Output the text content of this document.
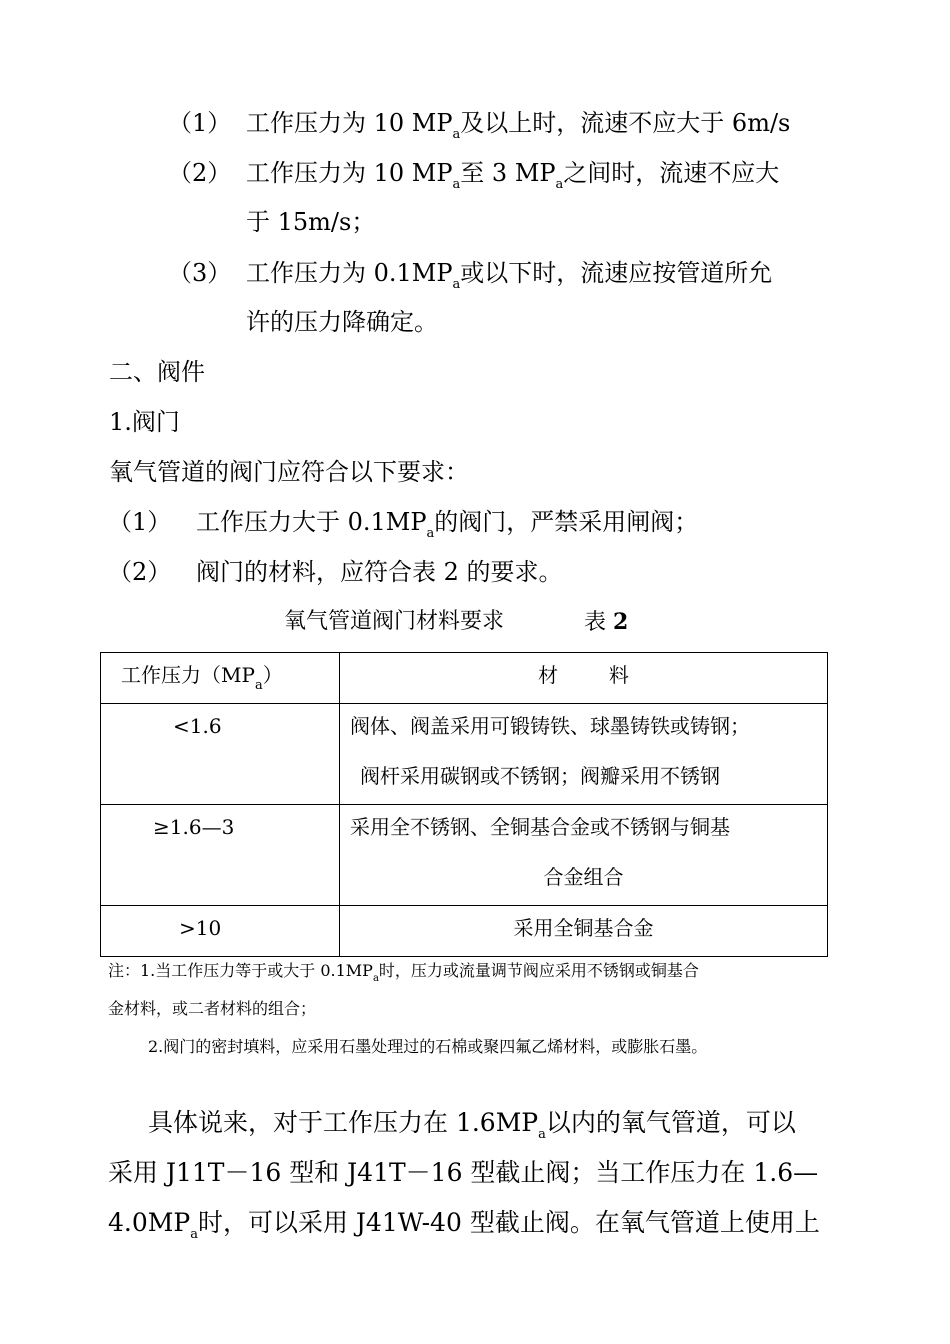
（1） 工作压力为 10 $MP_a$及以上时，流速不应大于 6m/s
（2） 工作压力为 10 $MP_a$至 3 $MP_a$之间时，流速不应大
于 15m/s；
（3） 工作压力为 $0.1MP_a$或以下时，流速应按管道所允
许的压力降确定。
二、阀件
1.阀门
氧气管道的阀门应符合以下要求：
（1） 工作压力大于 $0.1MP_a$的阀门，严禁采用闸阀；
（2） 阀门的材料，应符合表 2 的要求。
氧气管道阀门材料要求	表 2
工作压力$(MP_a)$	材        料

<1.6	阀体、阀盖采用可锻铸铁、球墨铸铁或铸钢；
阀杆采用碳钢或不锈钢；阀瓣采用不锈钢

≥1.6—3	采用全不锈钢、全铜基合金或不锈钢与铜基
合金组合

>10	采用全铜基合金
注：1.当工作压力等于或大于 $0.1MP_a$时，压力或流量调节阀应采用不锈钢或铜基合
金材料，或二者材料的组合；
2.阀门的密封填料，应采用石墨处理过的石棉或聚四氟乙烯材料，或膨胀石墨。
具体说来，对于工作压力在 $1.6MP_a$以内的氧气管道，可以
采用 J11T－16 型和 J41T－16 型截止阀；当工作压力在 1.6—
$4.0MP_a$时，可以采用 J41W-40 型截止阀。在氧气管道上使用上
